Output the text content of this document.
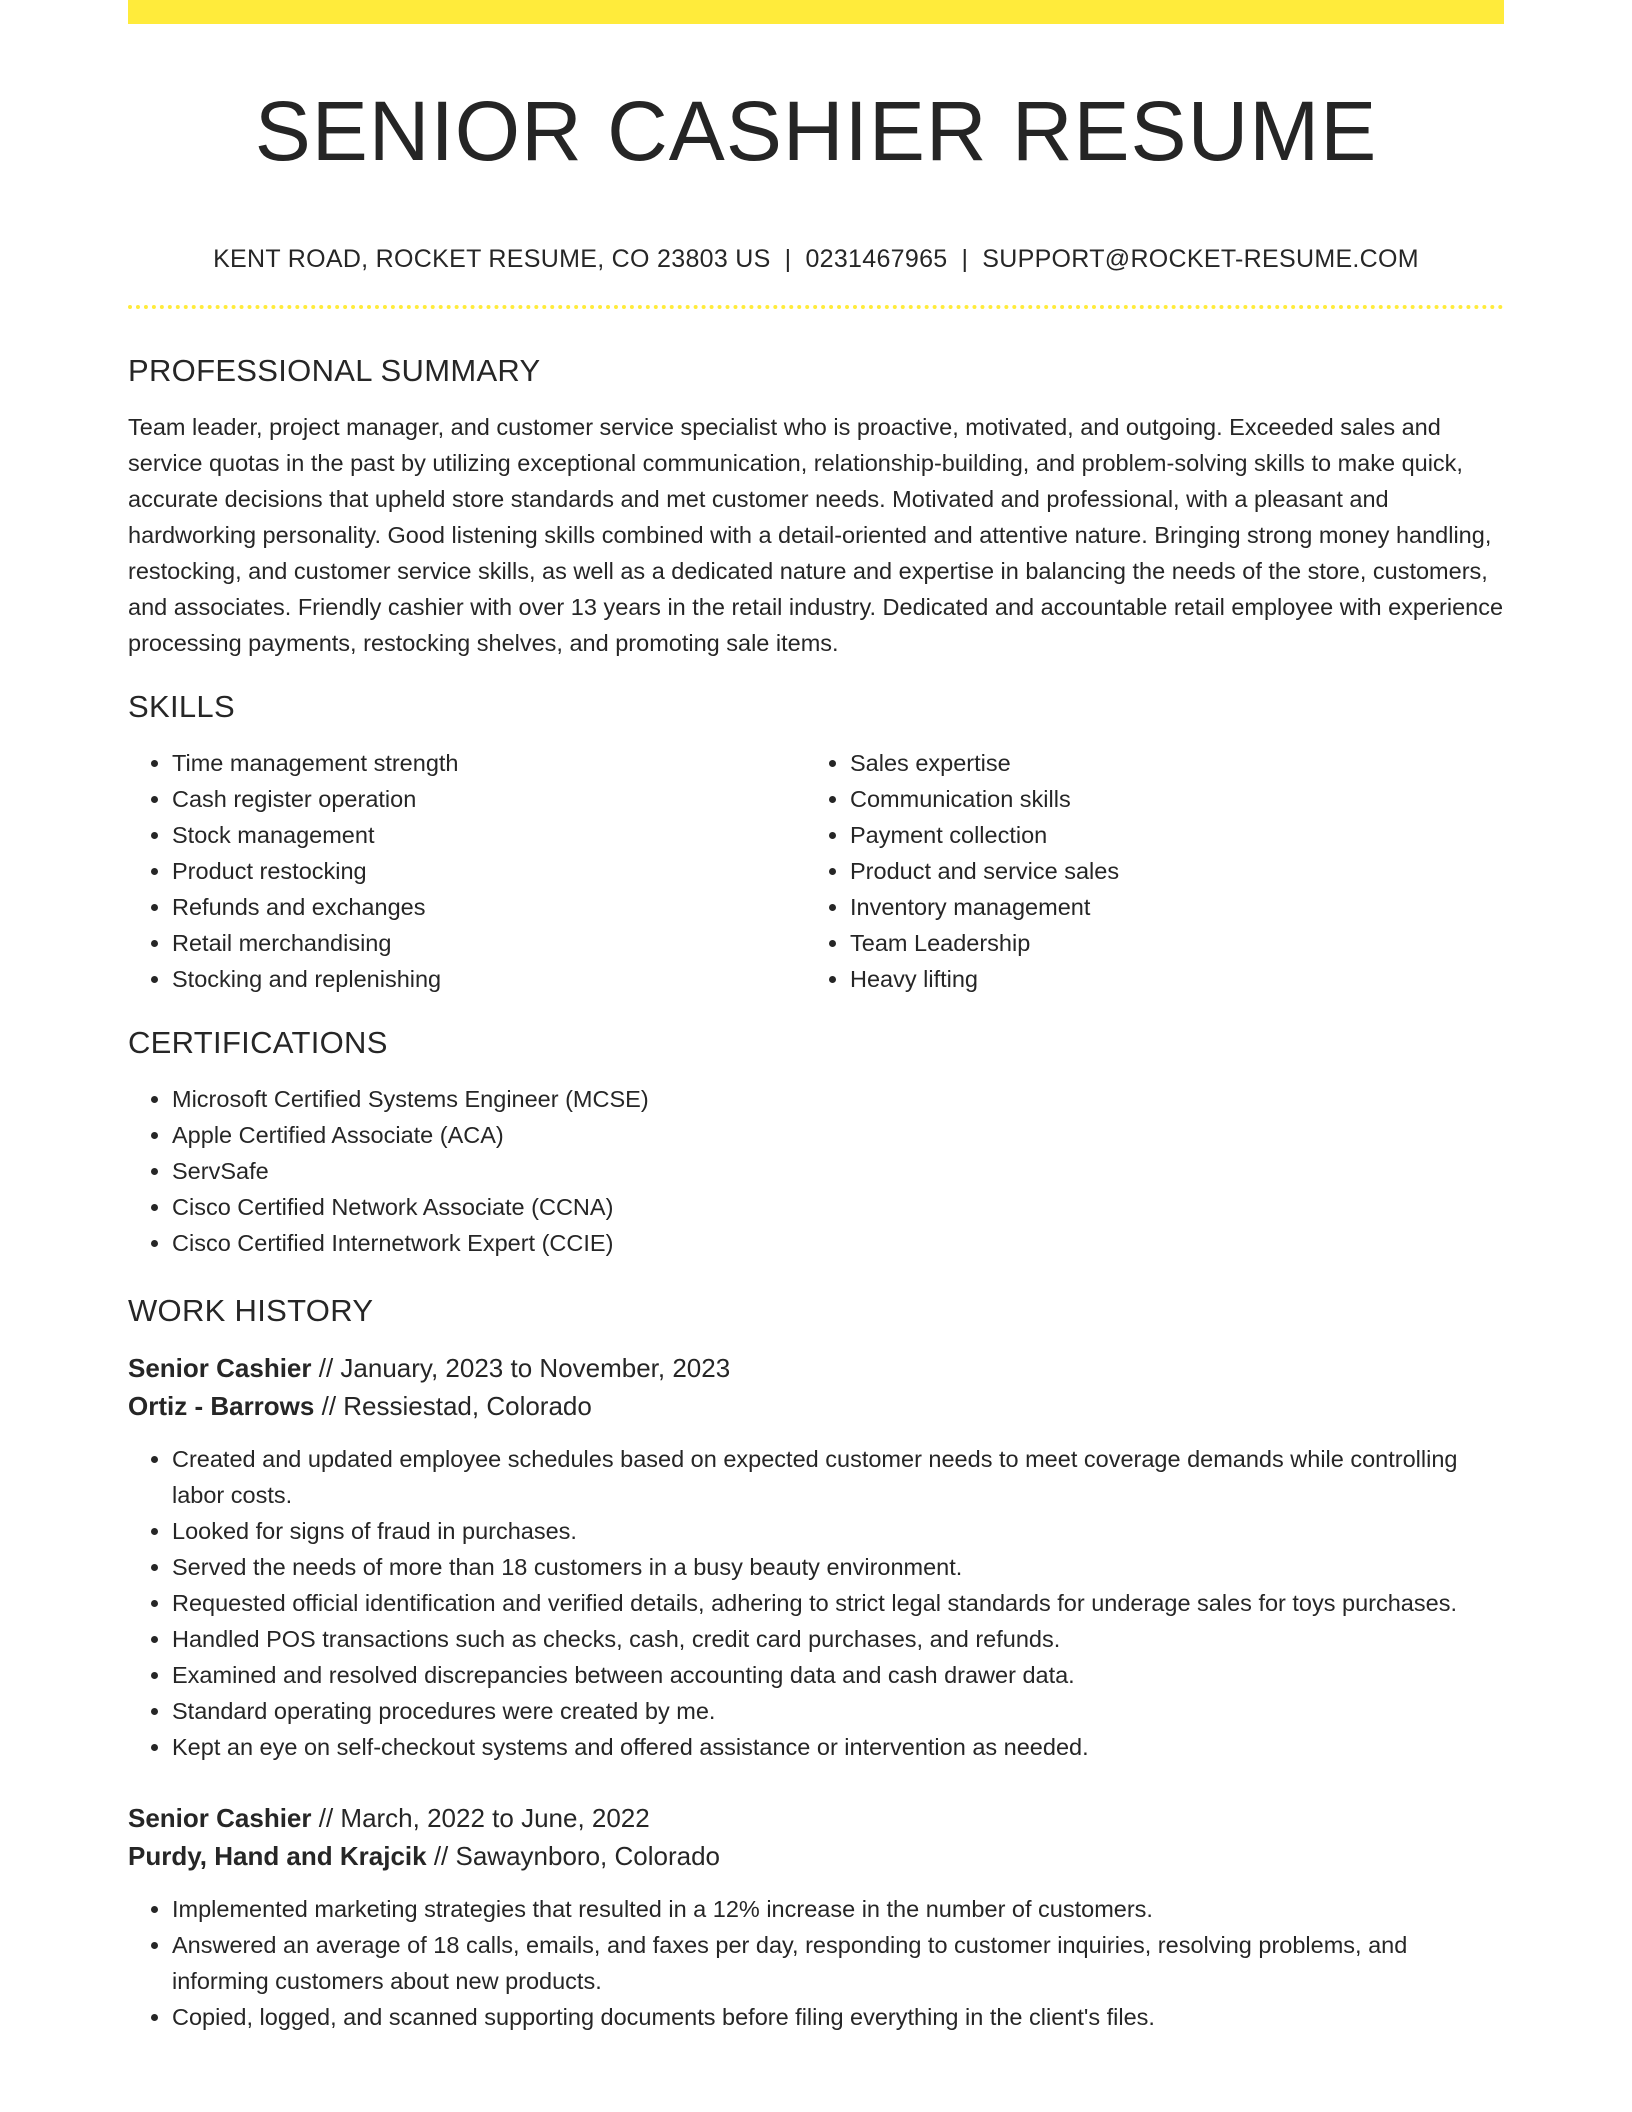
SENIOR CASHIER RESUME
KENT ROAD, ROCKET RESUME, CO 23803 US | 0231467965 | SUPPORT@ROCKET-RESUME.COM
PROFESSIONAL SUMMARY

Team leader, project manager, and customer service specialist who is proactive, motivated, and outgoing. Exceeded sales and service quotas in the past by utilizing exceptional communication, relationship-building, and problem-solving skills to make quick, accurate decisions that upheld store standards and met customer needs. Motivated and professional, with a pleasant and hardworking personality. Good listening skills combined with a detail-oriented and attentive nature. Bringing strong money handling, restocking, and customer service skills, as well as a dedicated nature and expertise in balancing the needs of the store, customers, and associates. Friendly cashier with over 13 years in the retail industry. Dedicated and accountable retail employee with experience processing payments, restocking shelves, and promoting sale items.

SKILLS
• Time management strength
• Cash register operation
• Stock management
• Product restocking
• Refunds and exchanges
• Retail merchandising
• Stocking and replenishing
• Sales expertise
• Communication skills
• Payment collection
• Product and service sales
• Inventory management
• Team Leadership
• Heavy lifting
CERTIFICATIONS
• Microsoft Certified Systems Engineer (MCSE)
• Apple Certified Associate (ACA)
• ServSafe
• Cisco Certified Network Associate (CCNA)
• Cisco Certified Internetwork Expert (CCIE)
WORK HISTORY
Senior Cashier // January, 2023 to November, 2023
Ortiz - Barrows // Ressiestad, Colorado
• Created and updated employee schedules based on expected customer needs to meet coverage demands while controlling labor costs.
• Looked for signs of fraud in purchases.
• Served the needs of more than 18 customers in a busy beauty environment.
• Requested official identification and verified details, adhering to strict legal standards for underage sales for toys purchases.
• Handled POS transactions such as checks, cash, credit card purchases, and refunds.
• Examined and resolved discrepancies between accounting data and cash drawer data.
• Standard operating procedures were created by me.
• Kept an eye on self-checkout systems and offered assistance or intervention as needed.
Senior Cashier // March, 2022 to June, 2022
Purdy, Hand and Krajcik // Sawaynboro, Colorado
• Implemented marketing strategies that resulted in a 12% increase in the number of customers.
• Answered an average of 18 calls, emails, and faxes per day, responding to customer inquiries, resolving problems, and informing customers about new products.
• Copied, logged, and scanned supporting documents before filing everything in the client's files.
